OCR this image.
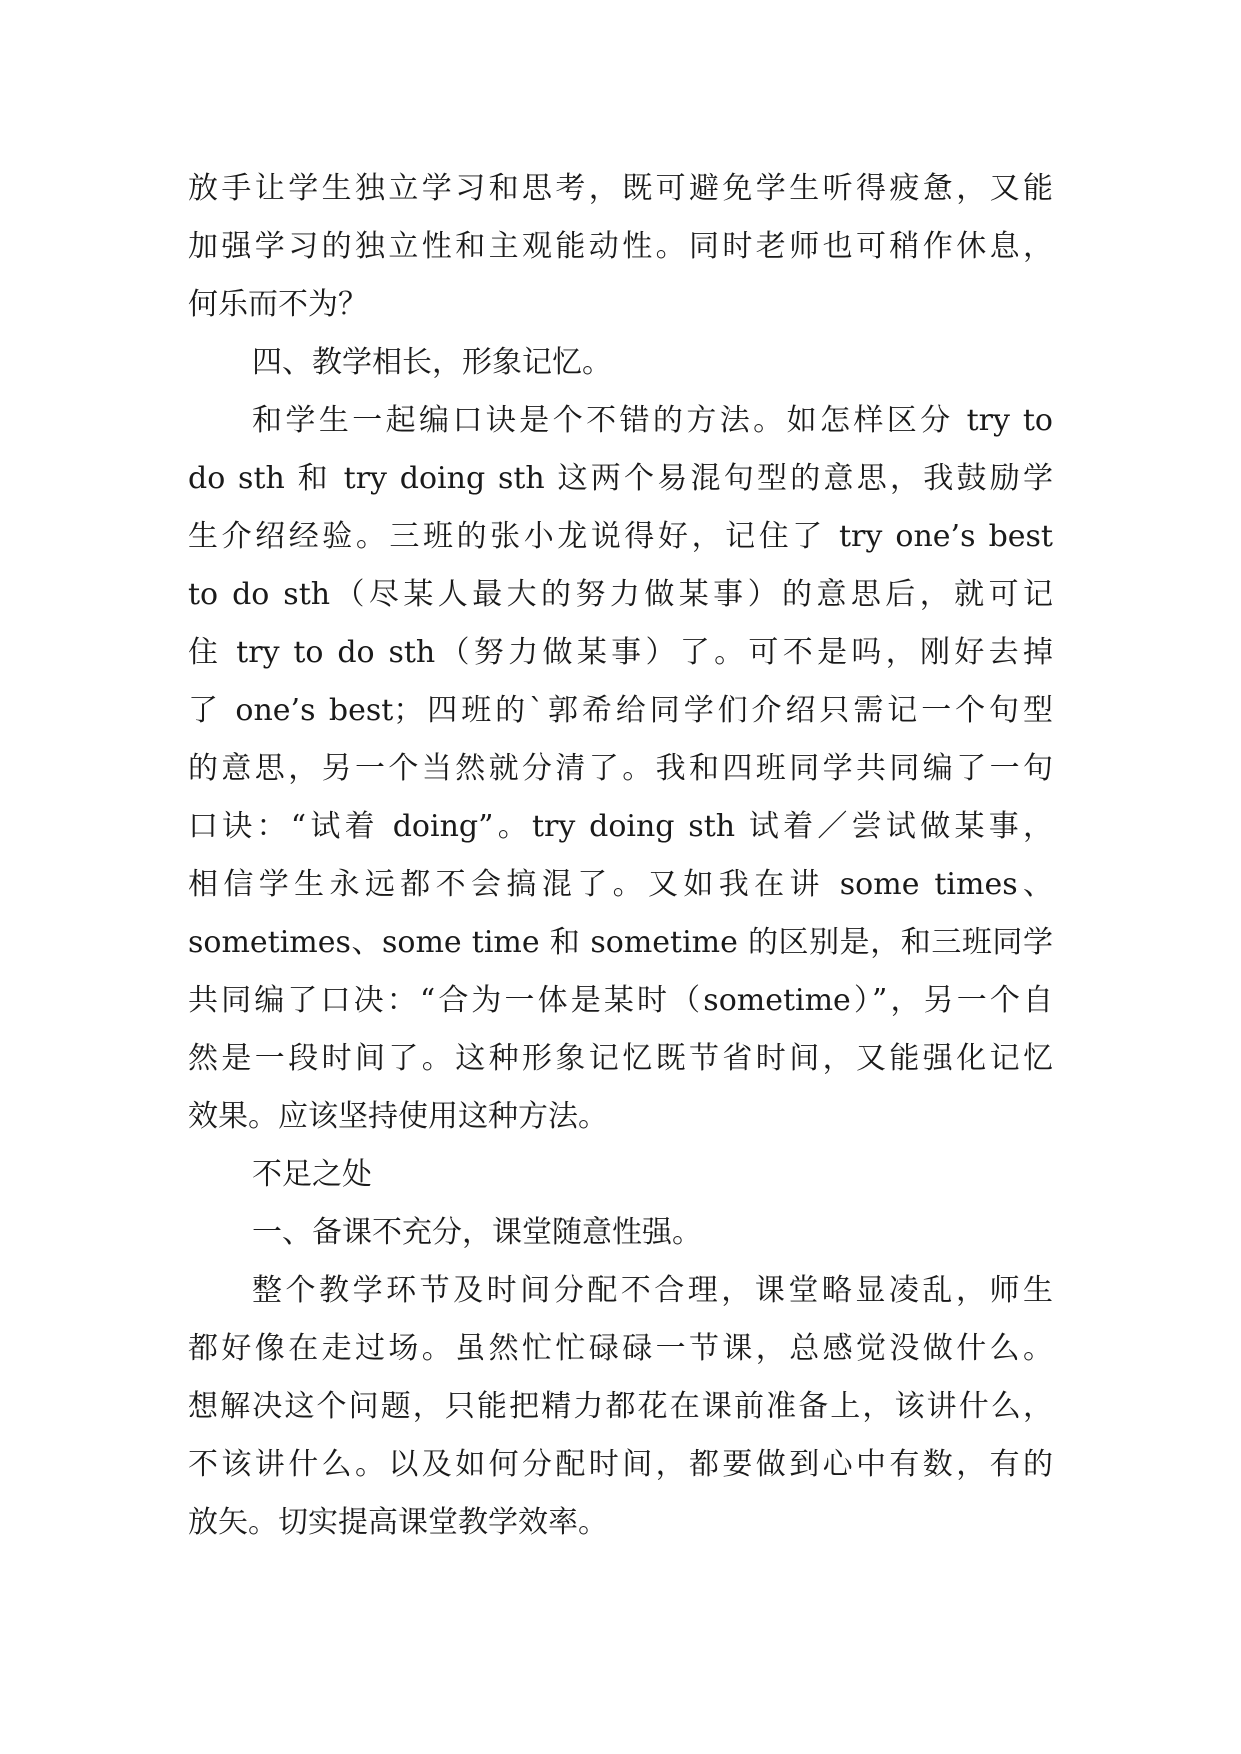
放手让学生独立学习和思考，既可避免学生听得疲惫，又能
加强学习的独立性和主观能动性。同时老师也可稍作休息，
何乐而不为？
四、教学相长，形象记忆。
和学生一起编口诀是个不错的方法。如怎样区分 try to
do sth 和 try doing sth 这两个易混句型的意思，我鼓励学
生介绍经验。三班的张小龙说得好，记住了 try one’s best
to do sth（尽某人最大的努力做某事）的意思后，就可记
住 try to do sth（努力做某事）了。可不是吗，刚好去掉
了 one’s best；四班的`郭希给同学们介绍只需记一个句型
的意思，另一个当然就分清了。我和四班同学共同编了一句
口诀：“试着 doing”。try doing sth 试着／尝试做某事，
相信学生永远都不会搞混了。又如我在讲 some times、
sometimes、some time 和 sometime 的区别是，和三班同学
共同编了口决：“合为一体是某时（sometime）”，另一个自
然是一段时间了。这种形象记忆既节省时间，又能强化记忆
效果。应该坚持使用这种方法。
不足之处
一、备课不充分，课堂随意性强。
整个教学环节及时间分配不合理，课堂略显凌乱，师生
都好像在走过场。虽然忙忙碌碌一节课，总感觉没做什么。
想解决这个问题，只能把精力都花在课前准备上，该讲什么，
不该讲什么。以及如何分配时间，都要做到心中有数，有的
放矢。切实提高课堂教学效率。
